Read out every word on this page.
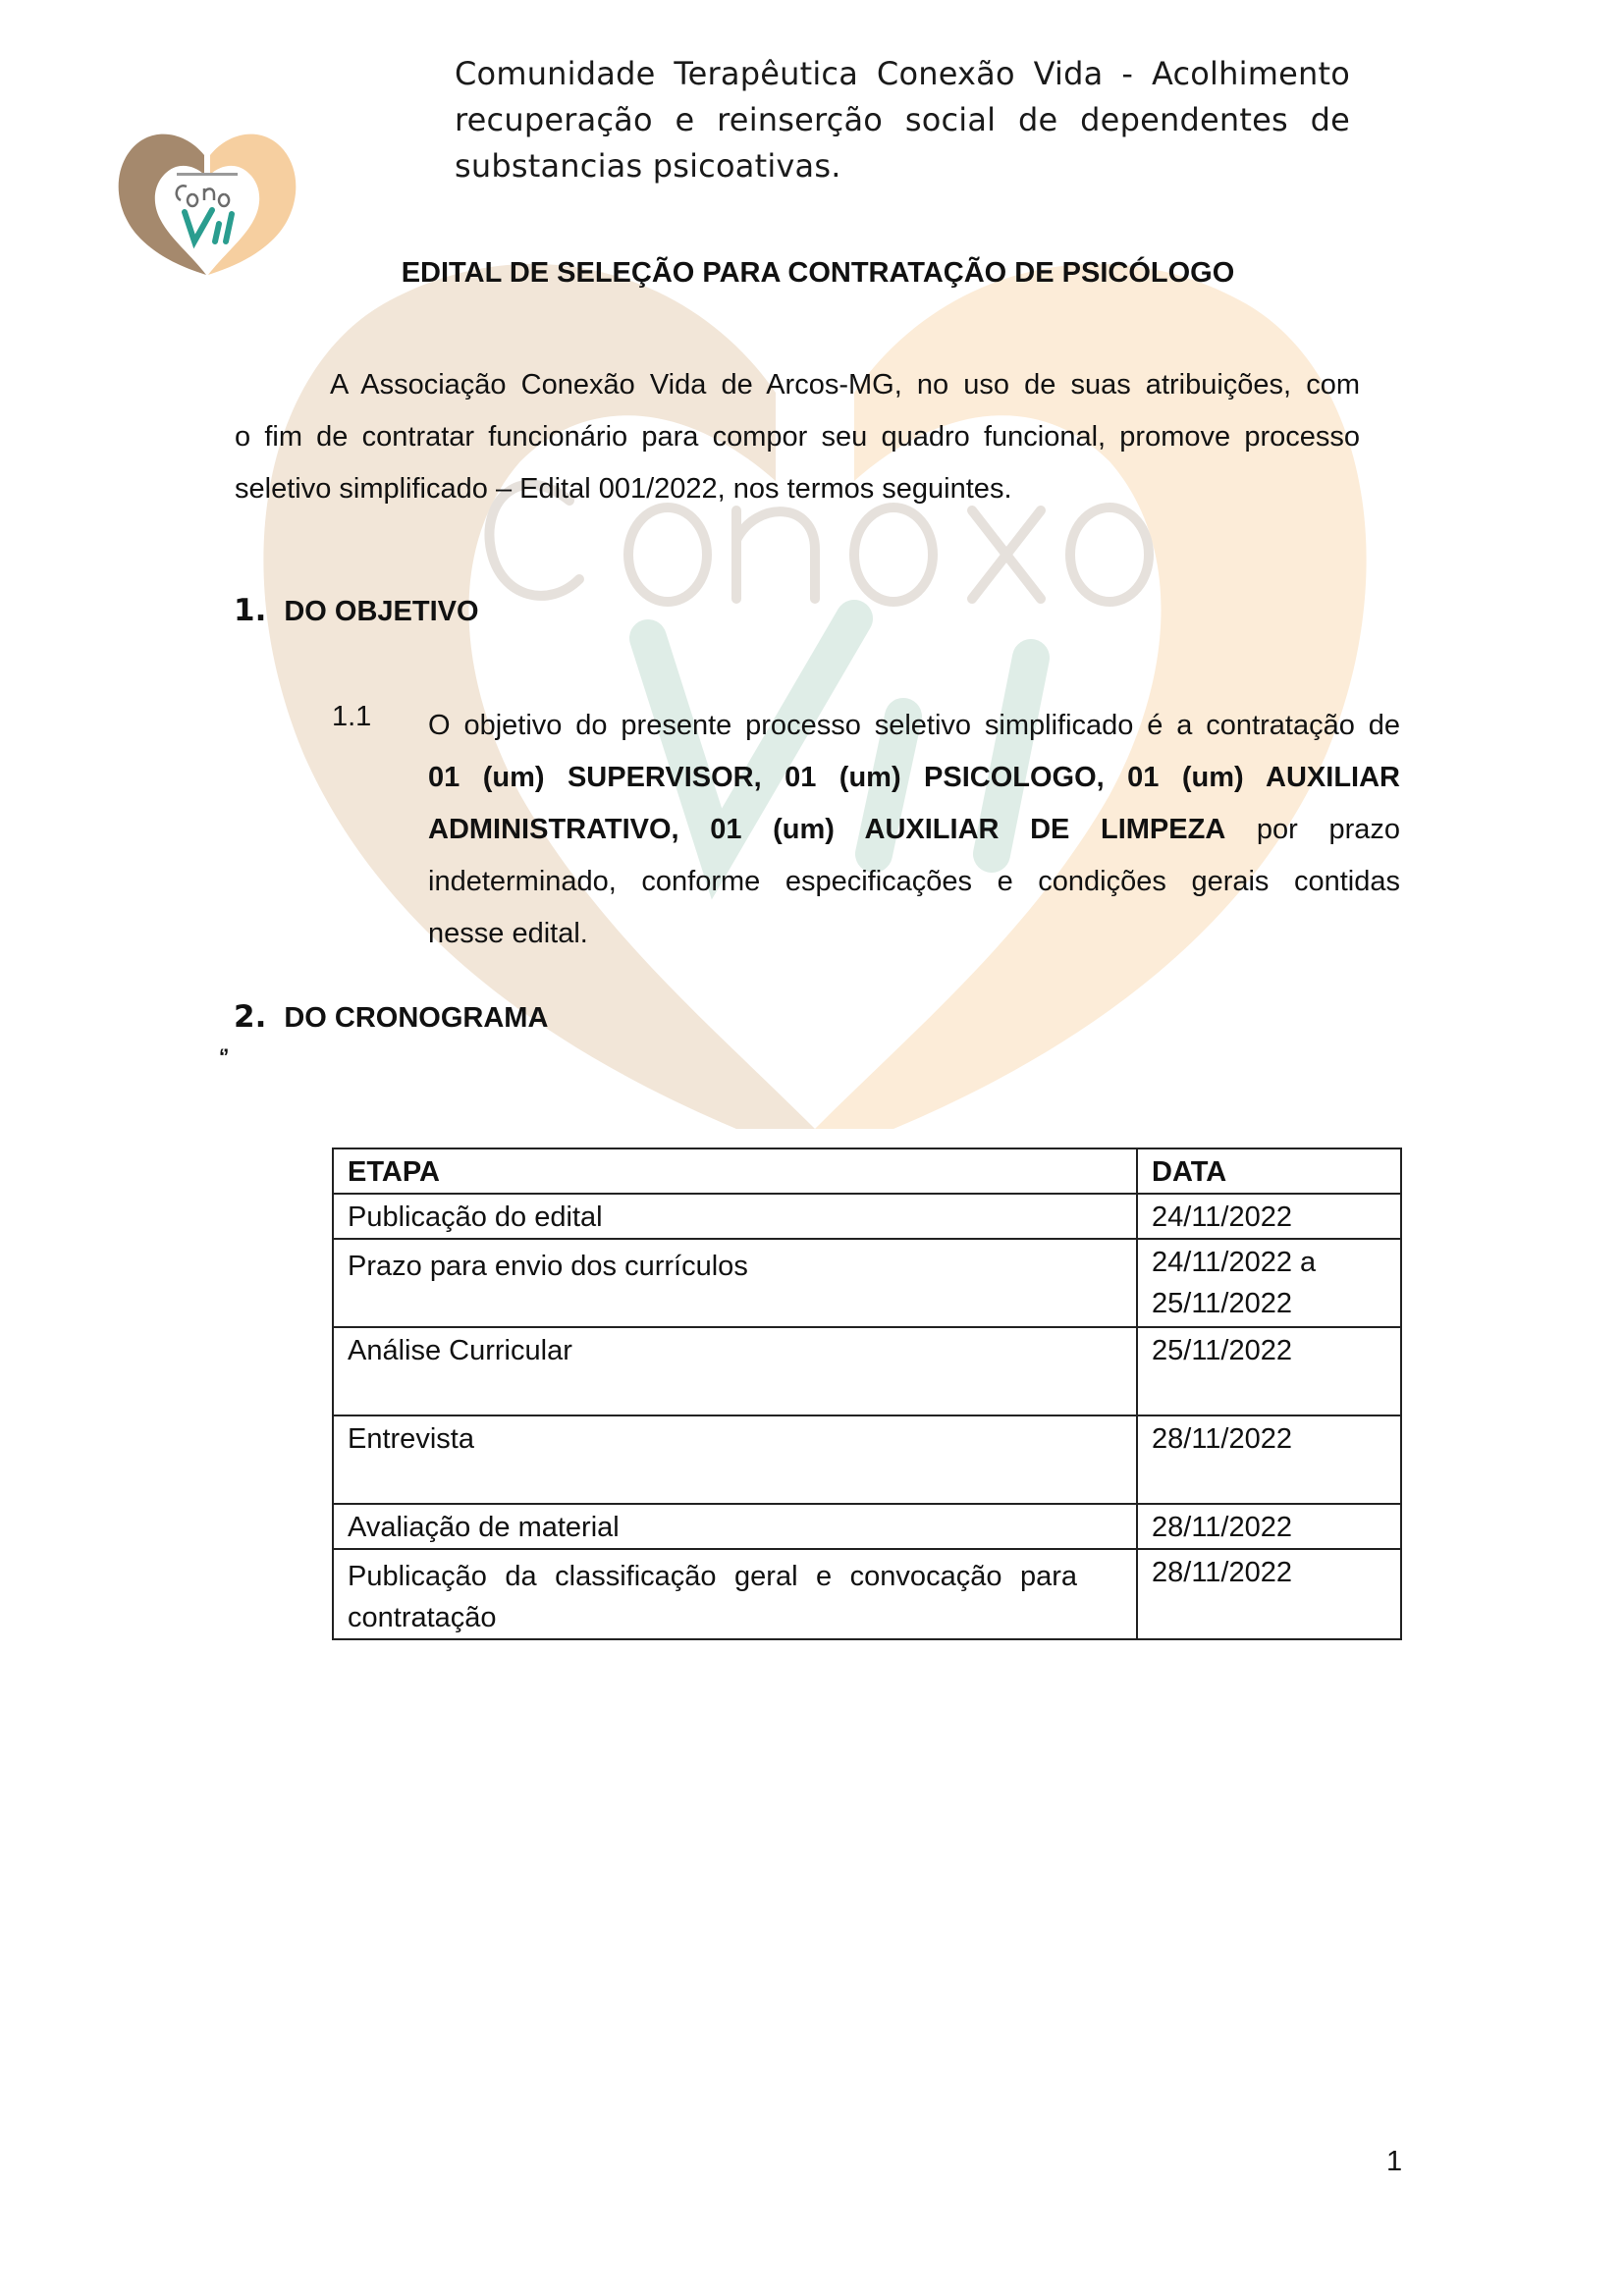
Comunidade Terapêutica Conexão Vida - Acolhimento
recuperação e reinserção social de dependentes de
substancias psicoativas.
EDITAL DE SELEÇÃO PARA CONTRATAÇÃO DE PSICÓLOGO
A Associação Conexão Vida de Arcos-MG, no uso de suas atribuições, com
o fim de contratar funcionário para compor seu quadro funcional, promove processo
seletivo simplificado – Edital 001/2022, nos termos seguintes.
1. DO OBJETIVO
1.1 O objetivo do presente processo seletivo simplificado é a contratação de
01 (um) SUPERVISOR, 01 (um) PSICOLOGO, 01 (um) AUXILIAR
ADMINISTRATIVO, 01 (um) AUXILIAR DE LIMPEZA por prazo
indeterminado, conforme especificações e condições gerais contidas
nesse edital.
2. DO CRONOGRAMA
‘’
ETAPA	DATA
Publicação do edital	24/11/2022
Prazo para envio dos currículos	24/11/2022 a 25/11/2022
Análise Curricular	25/11/2022
Entrevista	28/11/2022
Avaliação de material	28/11/2022
Publicação da classificação geral e convocação para contratação	28/11/2022
1
